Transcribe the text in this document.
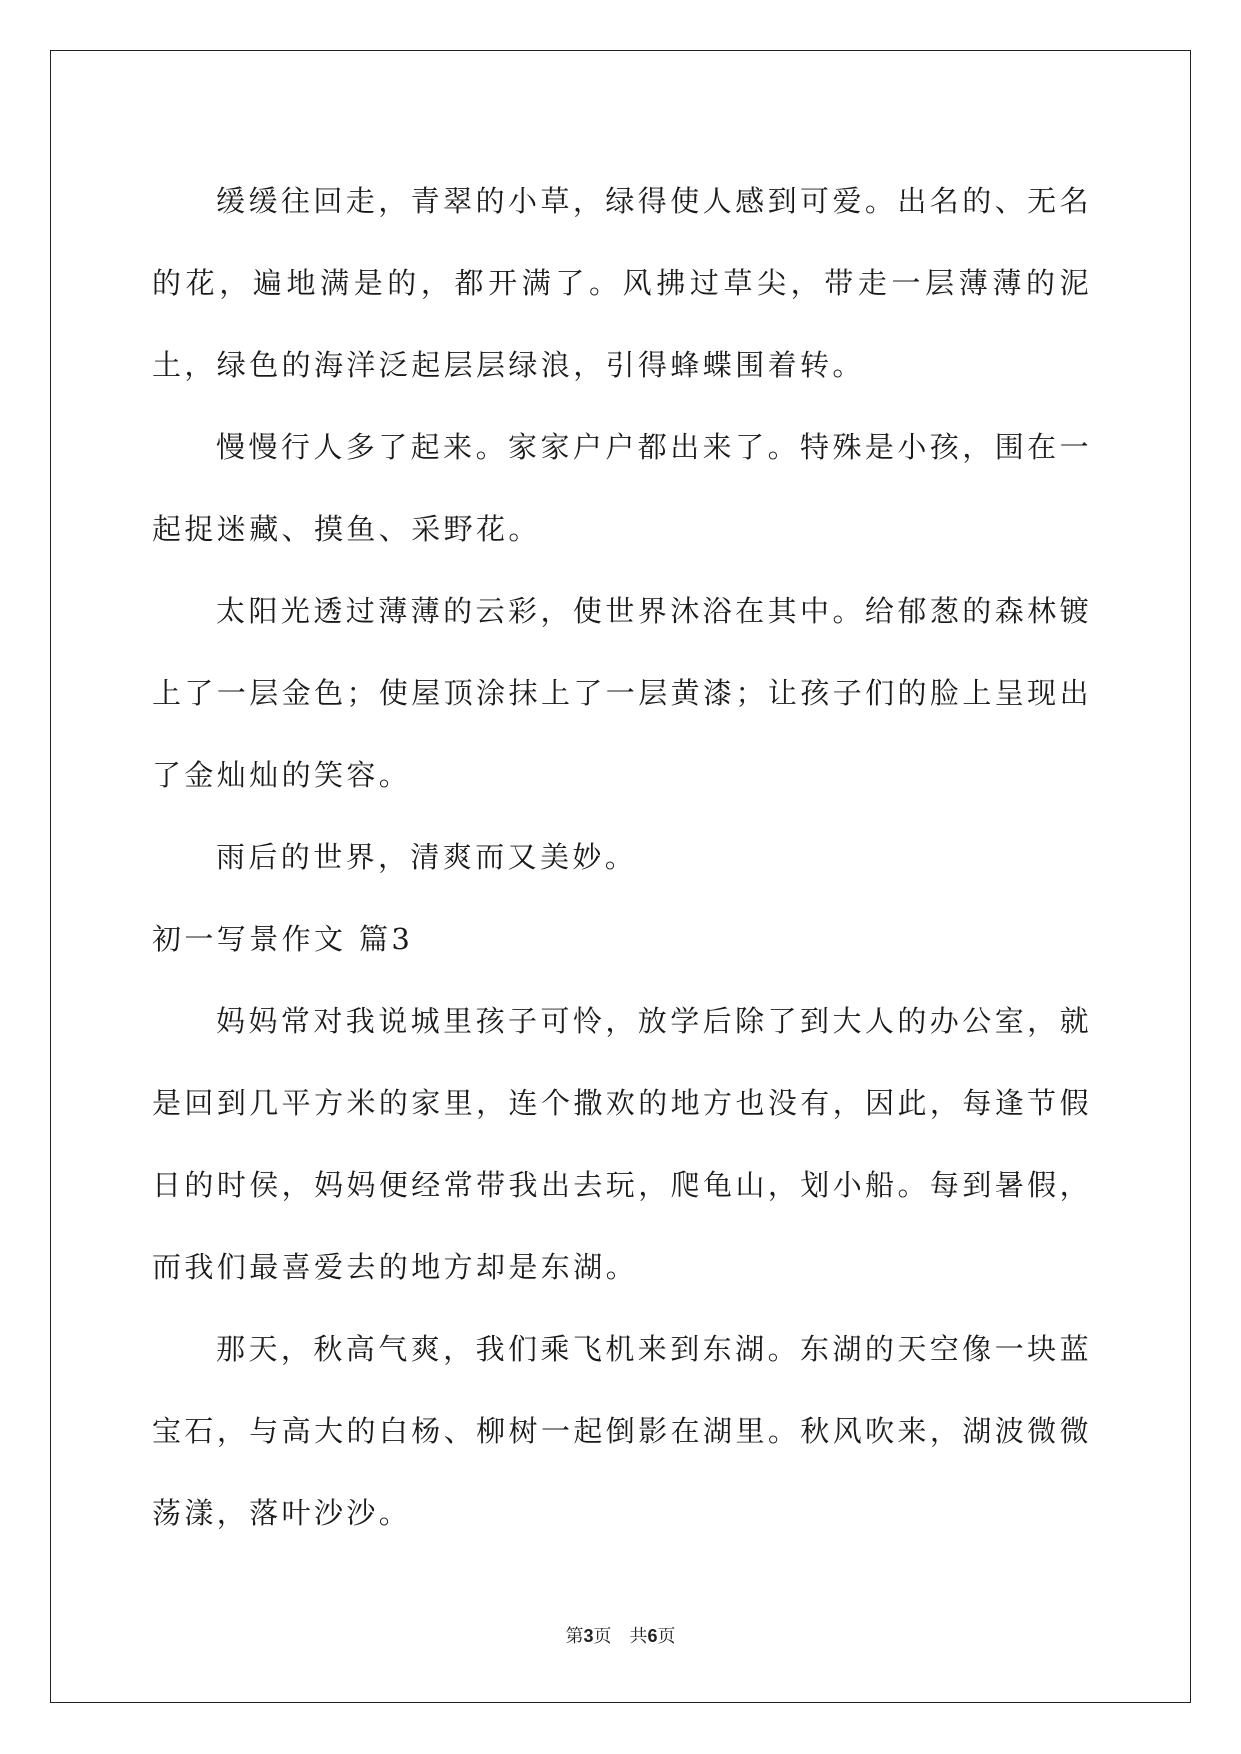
缓缓往回走，青翠的小草，绿得使人感到可爱。出名的、无名的花，遍地满是的，都开满了。风拂过草尖，带走一层薄薄的泥土，绿色的海洋泛起层层绿浪，引得蜂蝶围着转。

慢慢行人多了起来。家家户户都出来了。特殊是小孩，围在一起捉迷藏、摸鱼、采野花。

太阳光透过薄薄的云彩，使世界沐浴在其中。给郁葱的森林镀上了一层金色；使屋顶涂抹上了一层黄漆；让孩子们的脸上呈现出了金灿灿的笑容。

雨后的世界，清爽而又美妙。

初一写景作文 篇3

妈妈常对我说城里孩子可怜，放学后除了到大人的办公室，就是回到几平方米的家里，连个撒欢的地方也没有，因此，每逢节假日的时侯，妈妈便经常带我出去玩，爬龟山，划小船。每到暑假，而我们最喜爱去的地方却是东湖。

那天，秋高气爽，我们乘飞机来到东湖。东湖的天空像一块蓝宝石，与高大的白杨、柳树一起倒影在湖里。秋风吹来，湖波微微荡漾，落叶沙沙。

第3页 共6页
